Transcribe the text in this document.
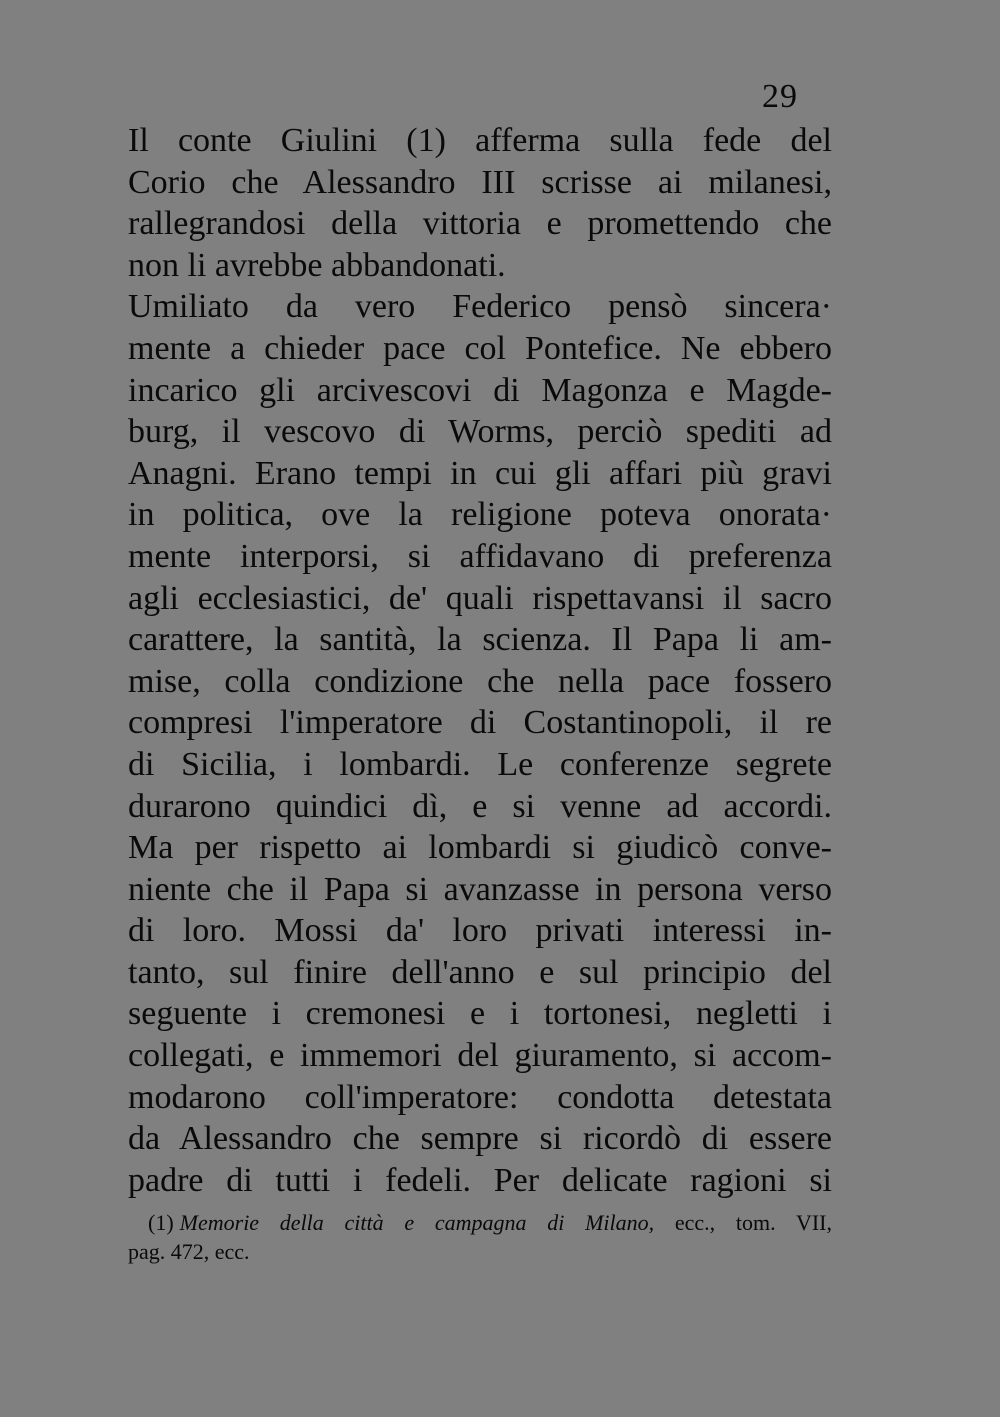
29
Il conte Giulini (1) afferma sulla fede del
Corio che Alessandro III scrisse ai milanesi,
rallegrandosi della vittoria e promettendo che
non li avrebbe abbandonati.
Umiliato da vero Federico pensò sincera·
mente a chieder pace col Pontefice. Ne ebbero
incarico gli arcivescovi di Magonza e Magde-
burg, il vescovo di Worms, perciò spediti ad
Anagni. Erano tempi in cui gli affari più gravi
in politica, ove la religione poteva onorata·
mente interporsi, si affidavano di preferenza
agli ecclesiastici, de' quali rispettavansi il sacro
carattere, la santità, la scienza. Il Papa li am-
mise, colla condizione che nella pace fossero
compresi l'imperatore di Costantinopoli, il re
di Sicilia, i lombardi. Le conferenze segrete
durarono quindici dì, e si venne ad accordi.
Ma per rispetto ai lombardi si giudicò conve-
niente che il Papa si avanzasse in persona verso
di loro. Mossi da' loro privati interessi in-
tanto, sul finire dell'anno e sul principio del
seguente i cremonesi e i tortonesi, negletti i
collegati, e immemori del giuramento, si accom-
modarono coll'imperatore: condotta detestata
da Alessandro che sempre si ricordò di essere
padre di tutti i fedeli. Per delicate ragioni si
(1) Memorie della città e campagna di Milano, ecc., tom. VII,
pag. 472, ecc.
